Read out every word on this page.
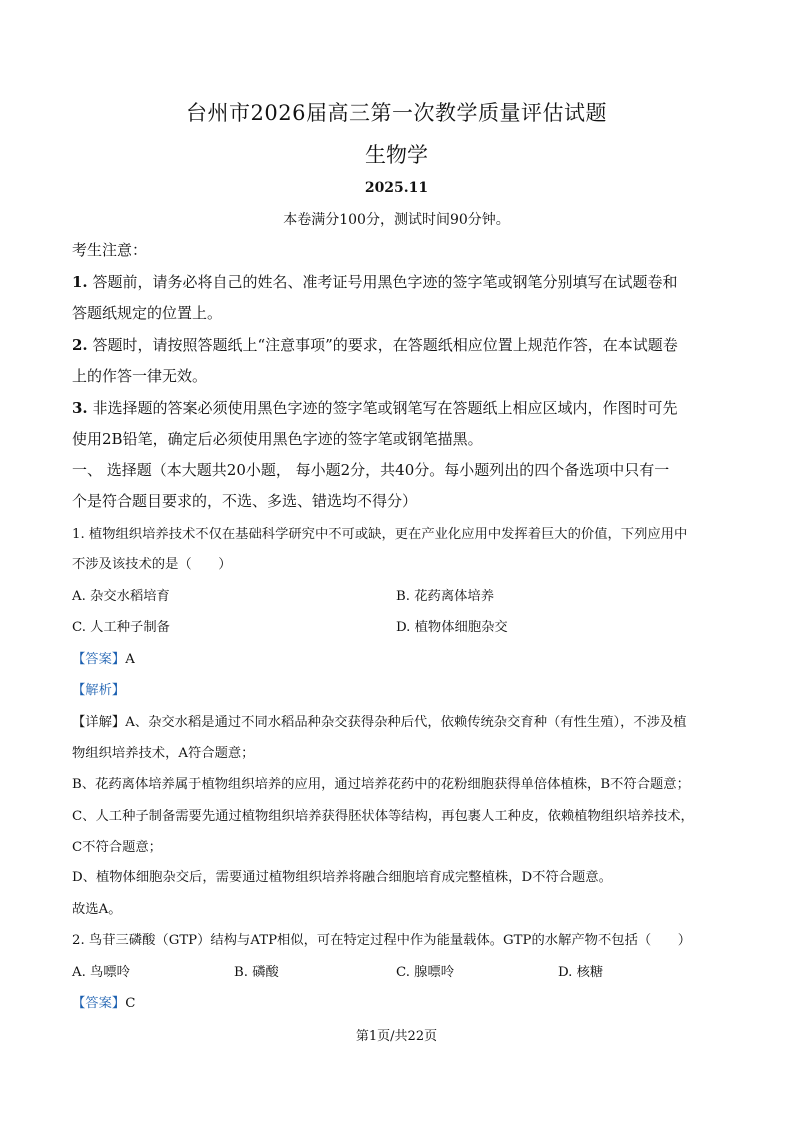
台州市2026届高三第一次教学质量评估试题
生物学
2025.11
本卷满分100分，测试时间90分钟。
考生注意：
1. 答题前，请务必将自己的姓名、准考证号用黑色字迹的签字笔或钢笔分别填写在试题卷和
答题纸规定的位置上。
2. 答题时，请按照答题纸上“注意事项”的要求，在答题纸相应位置上规范作答，在本试题卷
上的作答一律无效。
3. 非选择题的答案必须使用黑色字迹的签字笔或钢笔写在答题纸上相应区域内，作图时可先
使用2B铅笔，确定后必须使用黑色字迹的签字笔或钢笔描黑。
一、 选择题（本大题共20小题， 每小题2分，共40分。每小题列出的四个备选项中只有一
个是符合题目要求的，不选、多选、错选均不得分）
1. 植物组织培养技术不仅在基础科学研究中不可或缺，更在产业化应用中发挥着巨大的价值，下列应用中
不涉及该技术的是（　　）
A. 杂交水稻培育	B. 花药离体培养
C. 人工种子制备	D. 植物体细胞杂交
【答案】A
【解析】
【详解】A、杂交水稻是通过不同水稻品种杂交获得杂种后代，依赖传统杂交育种（有性生殖），不涉及植
物组织培养技术，A符合题意；
B、花药离体培养属于植物组织培养的应用，通过培养花药中的花粉细胞获得单倍体植株，B不符合题意；
C、人工种子制备需要先通过植物组织培养获得胚状体等结构，再包裹人工种皮，依赖植物组织培养技术，
C不符合题意；
D、植物体细胞杂交后，需要通过植物组织培养将融合细胞培育成完整植株，D不符合题意。
故选A。
2. 鸟苷三磷酸（GTP）结构与ATP相似，可在特定过程中作为能量载体。GTP的水解产物不包括（　　）
A. 鸟嘌呤	B. 磷酸	C. 腺嘌呤	D. 核糖
【答案】C
第1页/共22页
